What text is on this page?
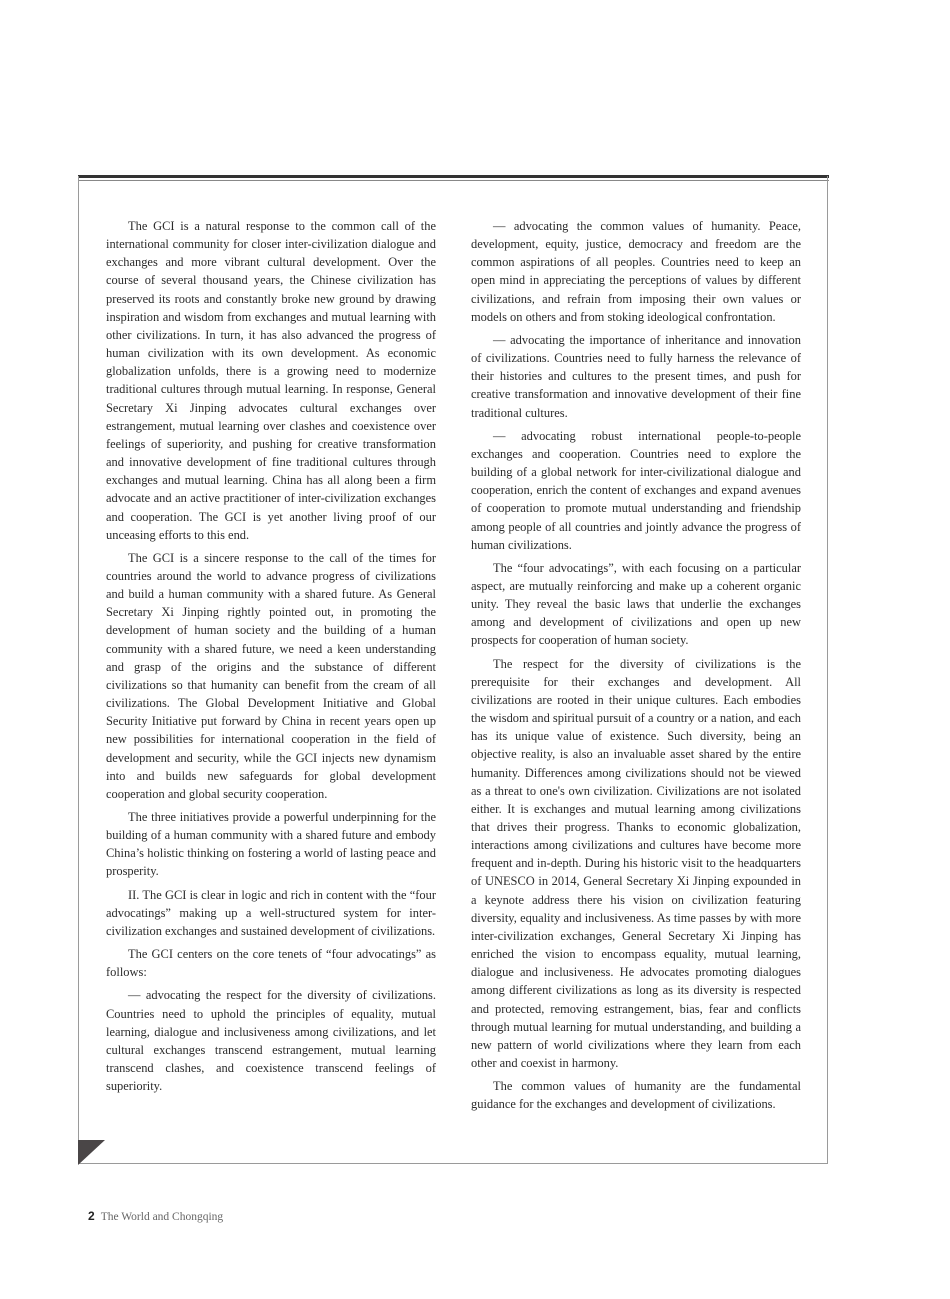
The GCI is a natural response to the common call of the international community for closer inter-civilization dialogue and exchanges and more vibrant cultural development. Over the course of several thousand years, the Chinese civilization has preserved its roots and constantly broke new ground by drawing inspiration and wisdom from exchanges and mutual learning with other civilizations. In turn, it has also advanced the progress of human civilization with its own development. As economic globalization unfolds, there is a growing need to modernize traditional cultures through mutual learning. In response, General Secretary Xi Jinping advocates cultural exchanges over estrangement, mutual learning over clashes and coexistence over feelings of superiority, and pushing for creative transformation and innovative development of fine traditional cultures through exchanges and mutual learning. China has all along been a firm advocate and an active practitioner of inter-civilization exchanges and cooperation. The GCI is yet another living proof of our unceasing efforts to this end.

The GCI is a sincere response to the call of the times for countries around the world to advance progress of civilizations and build a human community with a shared future. As General Secretary Xi Jinping rightly pointed out, in promoting the development of human society and the building of a human community with a shared future, we need a keen understanding and grasp of the origins and the substance of different civilizations so that humanity can benefit from the cream of all civilizations. The Global Development Initiative and Global Security Initiative put forward by China in recent years open up new possibilities for international cooperation in the field of development and security, while the GCI injects new dynamism into and builds new safeguards for global development cooperation and global security cooperation.

The three initiatives provide a powerful underpinning for the building of a human community with a shared future and embody China’s holistic thinking on fostering a world of lasting peace and prosperity.

II. The GCI is clear in logic and rich in content with the “four advocatings” making up a well-structured system for inter-civilization exchanges and sustained development of civilizations.

The GCI centers on the core tenets of “four advocatings” as follows:

— advocating the respect for the diversity of civilizations. Countries need to uphold the principles of equality, mutual learning, dialogue and inclusiveness among civilizations, and let cultural exchanges transcend estrangement, mutual learning transcend clashes, and coexistence transcend feelings of superiority.

— advocating the common values of humanity. Peace, development, equity, justice, democracy and freedom are the common aspirations of all peoples. Countries need to keep an open mind in appreciating the perceptions of values by different civilizations, and refrain from imposing their own values or models on others and from stoking ideological confrontation.

— advocating the importance of inheritance and innovation of civilizations. Countries need to fully harness the relevance of their histories and cultures to the present times, and push for creative transformation and innovative development of their fine traditional cultures.

— advocating robust international people-to-people exchanges and cooperation. Countries need to explore the building of a global network for inter-civilizational dialogue and cooperation, enrich the content of exchanges and expand avenues of cooperation to promote mutual understanding and friendship among people of all countries and jointly advance the progress of human civilizations.

The “four advocatings”, with each focusing on a particular aspect, are mutually reinforcing and make up a coherent organic unity. They reveal the basic laws that underlie the exchanges among and development of civilizations and open up new prospects for cooperation of human society.

The respect for the diversity of civilizations is the prerequisite for their exchanges and development. All civilizations are rooted in their unique cultures. Each embodies the wisdom and spiritual pursuit of a country or a nation, and each has its unique value of existence. Such diversity, being an objective reality, is also an invaluable asset shared by the entire humanity. Differences among civilizations should not be viewed as a threat to one's own civilization. Civilizations are not isolated either. It is exchanges and mutual learning among civilizations that drives their progress. Thanks to economic globalization, interactions among civilizations and cultures have become more frequent and in-depth. During his historic visit to the headquarters of UNESCO in 2014, General Secretary Xi Jinping expounded in a keynote address there his vision on civilization featuring diversity, equality and inclusiveness. As time passes by with more inter-civilization exchanges, General Secretary Xi Jinping has enriched the vision to encompass equality, mutual learning, dialogue and inclusiveness. He advocates promoting dialogues among different civilizations as long as its diversity is respected and protected, removing estrangement, bias, fear and conflicts through mutual learning for mutual understanding, and building a new pattern of world civilizations where they learn from each other and coexist in harmony.

The common values of humanity are the fundamental guidance for the exchanges and development of civilizations.

2 The World and Chongqing
